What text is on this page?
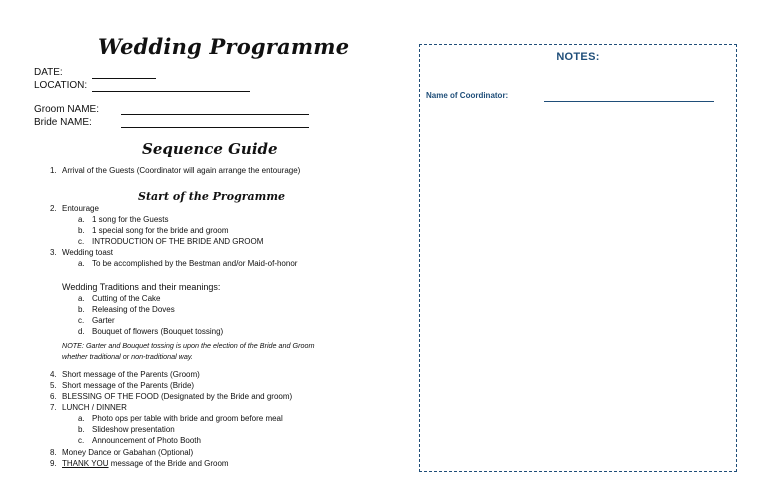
Wedding Programme
DATE:
LOCATION:
Groom NAME:
Bride NAME:
Sequence Guide
1. Arrival of the Guests (Coordinator will again arrange the entourage)
Start of the Programme
2. Entourage
a. 1 song for the Guests
b. 1 special song for the bride and groom
c. INTRODUCTION OF THE BRIDE AND GROOM
3. Wedding toast
a. To be accomplished by the Bestman and/or Maid-of-honor
Wedding Traditions and their meanings:
a. Cutting of the Cake
b. Releasing of the Doves
c. Garter
d. Bouquet of flowers (Bouquet tossing)
NOTE: Garter and Bouquet tossing is upon the election of the Bride and Groom
whether traditional or non-traditional way.
4. Short message of the Parents (Groom)
5. Short message of the Parents (Bride)
6. BLESSING OF THE FOOD (Designated by the Bride and groom)
7. LUNCH / DINNER
a. Photo ops per table with bride and groom before meal
b. Slideshow presentation
c. Announcement of Photo Booth
8. Money Dance or Gabahan (Optional)
9. THANK YOU message of the Bride and Groom
NOTES:
Name of Coordinator:
